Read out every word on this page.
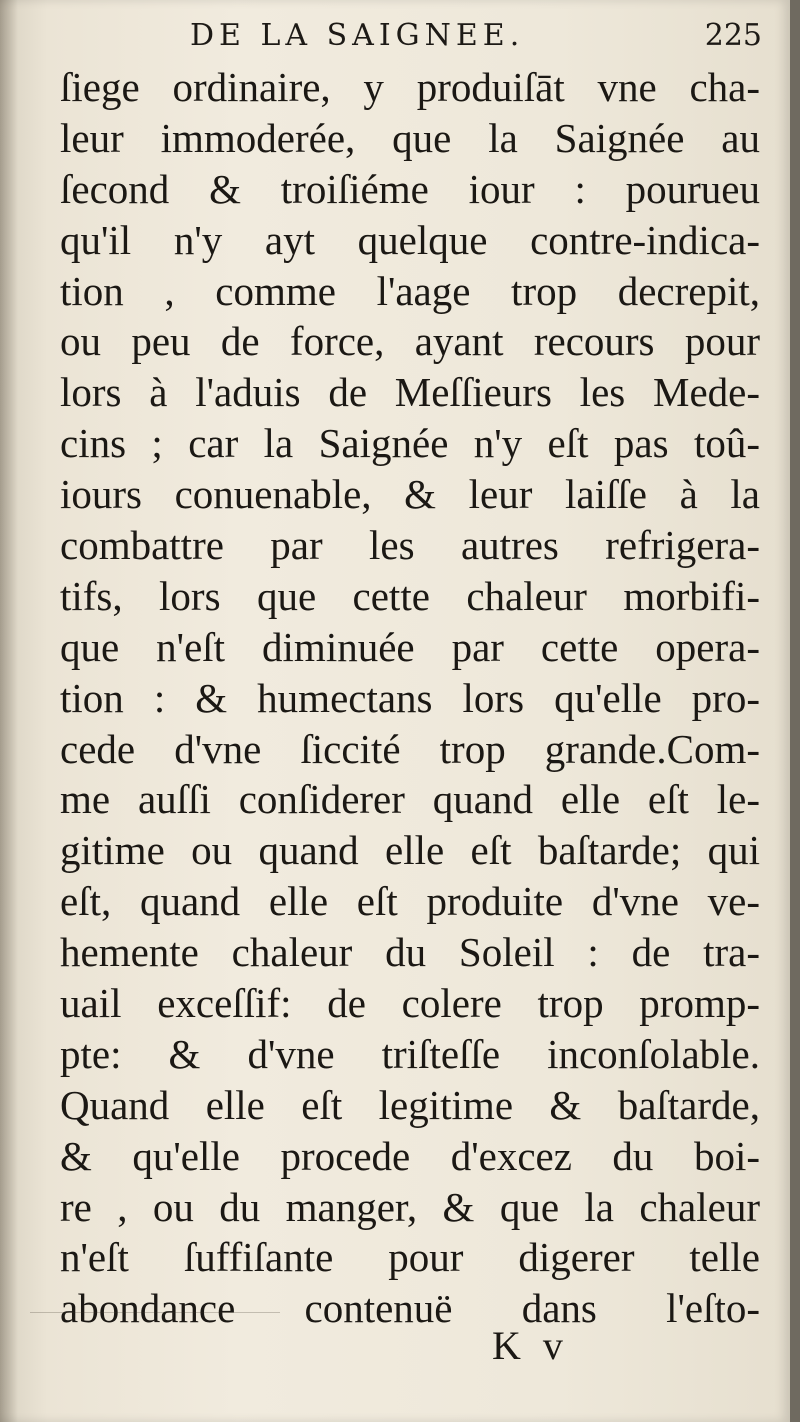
DE LA SAIGNEE.	225
ſiege ordinaire, y produiſāt vne cha-
leur immoderée, que la Saignée au
ſecond & troiſiéme iour : pourueu
qu'il n'y ayt quelque contre-indica-
tion , comme l'aage trop decrepit,
ou peu de force, ayant recours pour
lors à l'aduis de Meſſieurs les Mede-
cins ; car la Saignée n'y eſt pas toû-
iours conuenable, & leur laiſſe à la
combattre par les autres refrigera-
tifs, lors que cette chaleur morbifi-
que n'eſt diminuée par cette opera-
tion : & humectans lors qu'elle pro-
cede d'vne ſiccité trop grande.Com-
me auſſi conſiderer quand elle eſt le-
gitime ou quand elle eſt baſtarde; qui
eſt, quand elle eſt produite d'vne ve-
hemente chaleur du Soleil : de tra-
uail exceſſif: de colere trop promp-
pte: & d'vne triſteſſe inconſolable.
Quand elle eſt legitime & baſtarde,
& qu'elle procede d'excez du boi-
re , ou du manger, & que la chaleur
n'eſt ſuffiſante pour digerer telle
abondance contenuë dans l'eſto-
K v
